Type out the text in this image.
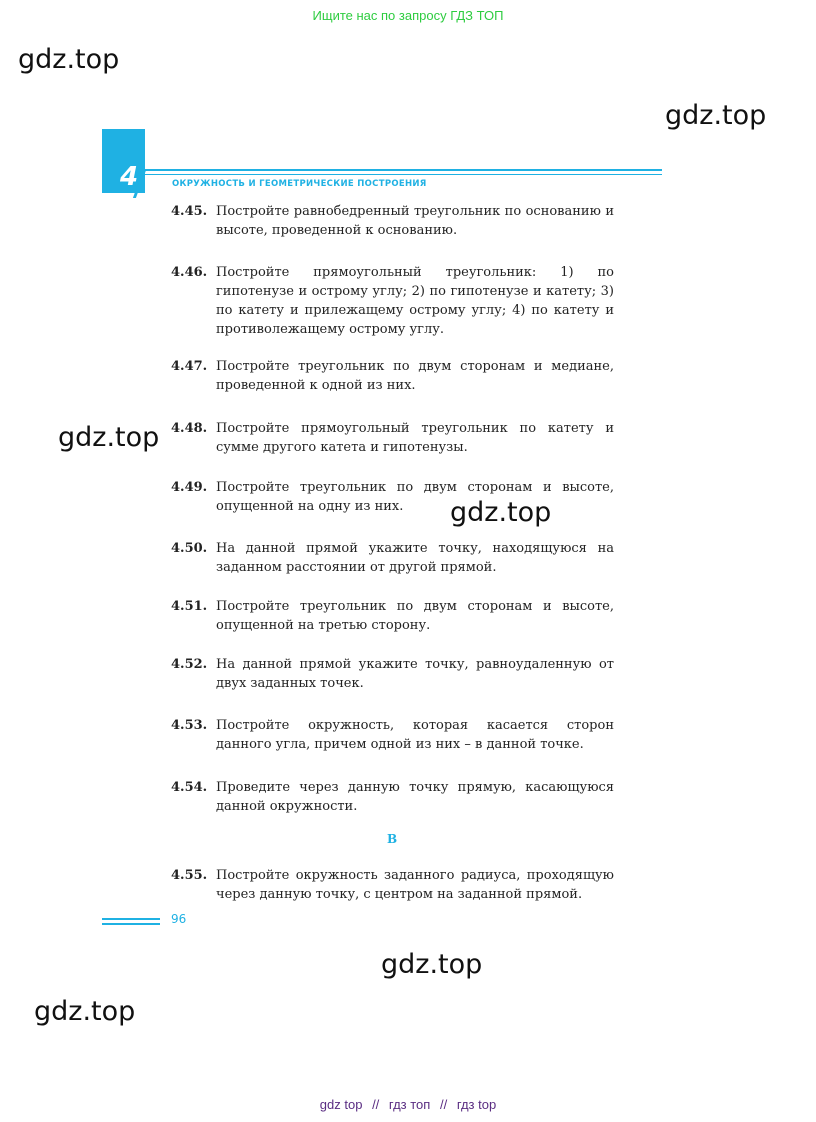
Ищите нас по запросу ГДЗ ТОП
gdz.top
gdz.top
gdz.top
gdz.top
gdz.top
gdz.top
4	ОКРУЖНОСТЬ И ГЕОМЕТРИЧЕСКИЕ ПОСТРОЕНИЯ
4.45. Постройте равнобедренный треугольник по основанию и высоте, проведенной к основанию.
4.46. Постройте прямоугольный треугольник: 1) по гипотенузе и острому углу; 2) по гипотенузе и катету; 3) по катету и прилежащему острому углу; 4) по катету и противолежащему острому углу.
4.47. Постройте треугольник по двум сторонам и медиане, проведенной к одной из них.
4.48. Постройте прямоугольный треугольник по катету и сумме другого катета и гипотенузы.
4.49. Постройте треугольник по двум сторонам и высоте, опущенной на одну из них.
4.50. На данной прямой укажите точку, находящуюся на заданном расстоянии от другой прямой.
4.51. Постройте треугольник по двум сторонам и высоте, опущенной на третью сторону.
4.52. На данной прямой укажите точку, равноудаленную от двух заданных точек.
4.53. Постройте окружность, которая касается сторон данного угла, причем одной из них – в данной точке.
4.54. Проведите через данную точку прямую, касающуюся данной окружности.
4.55. Постройте окружность заданного радиуса, проходящую через данную точку, с центром на заданной прямой.
B
96
gdz top // гдз топ // гдз top
